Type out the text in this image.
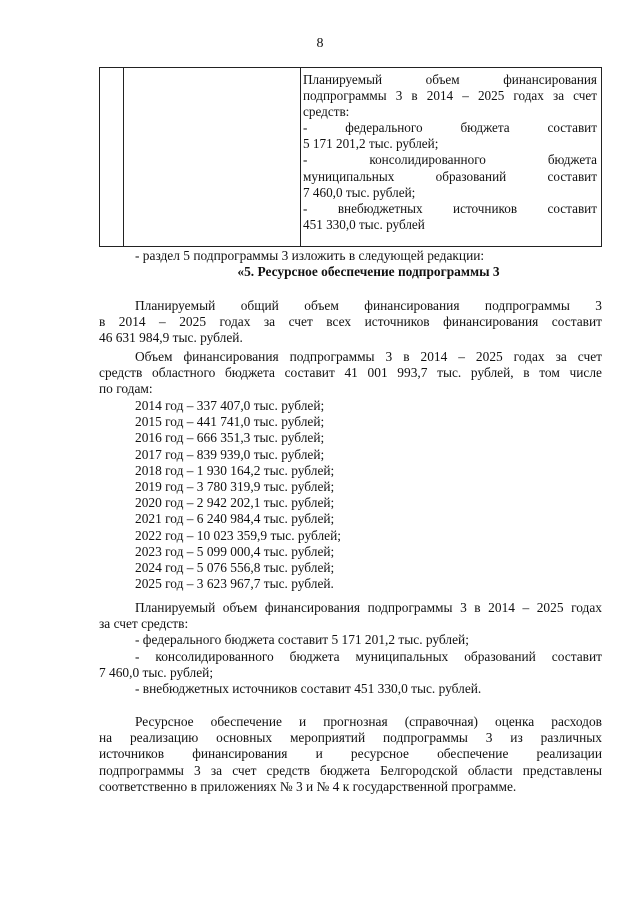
8
Планируемый объем финансирования
подпрограммы 3 в 2014 – 2025 годах за счет
средств:
- федерального бюджета составит
5 171 201,2 тыс. рублей;
- консолидированного бюджета
муниципальных образований составит
7 460,0 тыс. рублей;
- внебюджетных источников составит
451 330,0 тыс. рублей
- раздел 5 подпрограммы 3 изложить в следующей редакции:
«5. Ресурсное обеспечение подпрограммы 3
Планируемый общий объем финансирования подпрограммы 3
в 2014 – 2025 годах за счет всех источников финансирования составит
46 631 984,9 тыс. рублей.
Объем финансирования подпрограммы 3 в 2014 – 2025 годах за счет
средств областного бюджета составит 41 001 993,7 тыс. рублей, в том числе
по годам:
2014 год – 337 407,0 тыс. рублей;
2015 год – 441 741,0 тыс. рублей;
2016 год – 666 351,3 тыс. рублей;
2017 год – 839 939,0 тыс. рублей;
2018 год – 1 930 164,2 тыс. рублей;
2019 год – 3 780 319,9 тыс. рублей;
2020 год – 2 942 202,1 тыс. рублей;
2021 год – 6 240 984,4 тыс. рублей;
2022 год – 10 023 359,9 тыс. рублей;
2023 год – 5 099 000,4 тыс. рублей;
2024 год – 5 076 556,8 тыс. рублей;
2025 год – 3 623 967,7 тыс. рублей.
Планируемый объем финансирования подпрограммы 3 в 2014 – 2025 годах
за счет средств:
- федерального бюджета составит 5 171 201,2 тыс. рублей;
- консолидированного бюджета муниципальных образований составит
7 460,0 тыс. рублей;
- внебюджетных источников составит 451 330,0 тыс. рублей.
Ресурсное обеспечение и прогнозная (справочная) оценка расходов
на реализацию основных мероприятий подпрограммы 3 из различных
источников финансирования и ресурсное обеспечение реализации
подпрограммы 3 за счет средств бюджета Белгородской области представлены
соответственно в приложениях № 3 и № 4 к государственной программе.
